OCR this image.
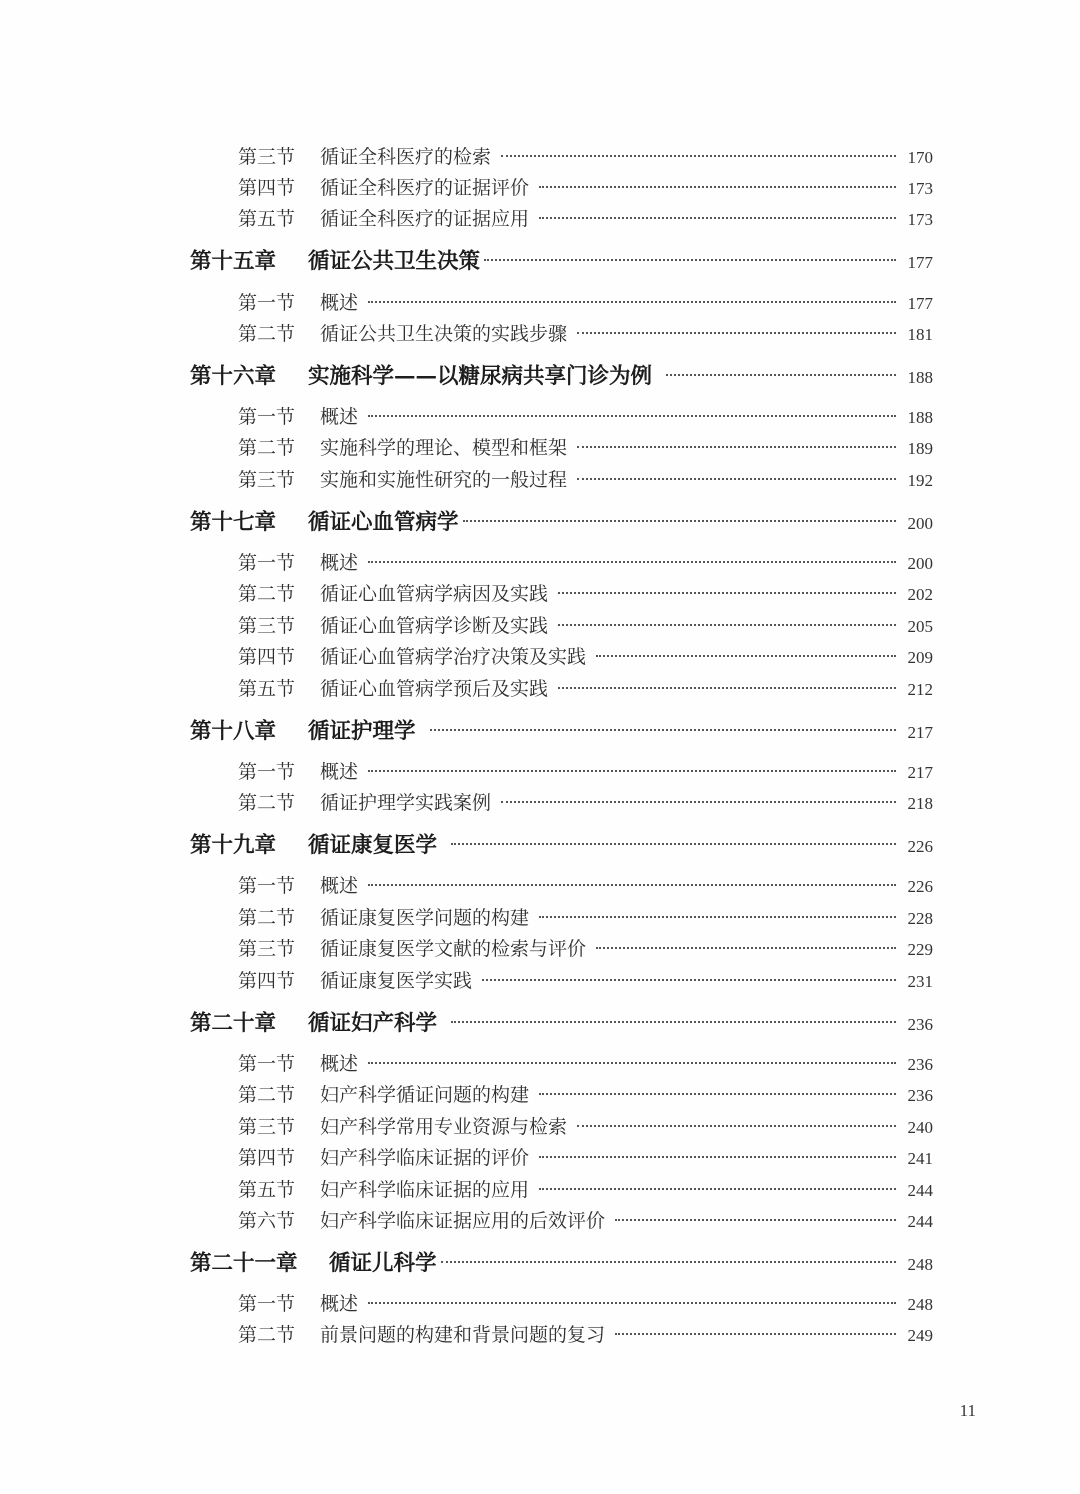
第三节	循证全科医疗的检索	170
第四节	循证全科医疗的证据评价	173
第五节	循证全科医疗的证据应用	173
第十五章	循证公共卫生决策	177
第一节	概述	177
第二节	循证公共卫生决策的实践步骤	181
第十六章	实施科学——以糖尿病共享门诊为例	188
第一节	概述	188
第二节	实施科学的理论、模型和框架	189
第三节	实施和实施性研究的一般过程	192
第十七章	循证心血管病学	200
第一节	概述	200
第二节	循证心血管病学病因及实践	202
第三节	循证心血管病学诊断及实践	205
第四节	循证心血管病学治疗决策及实践	209
第五节	循证心血管病学预后及实践	212
第十八章	循证护理学	217
第一节	概述	217
第二节	循证护理学实践案例	218
第十九章	循证康复医学	226
第一节	概述	226
第二节	循证康复医学问题的构建	228
第三节	循证康复医学文献的检索与评价	229
第四节	循证康复医学实践	231
第二十章	循证妇产科学	236
第一节	概述	236
第二节	妇产科学循证问题的构建	236
第三节	妇产科学常用专业资源与检索	240
第四节	妇产科学临床证据的评价	241
第五节	妇产科学临床证据的应用	244
第六节	妇产科学临床证据应用的后效评价	244
第二十一章	循证儿科学	248
第一节	概述	248
第二节	前景问题的构建和背景问题的复习	249
11
